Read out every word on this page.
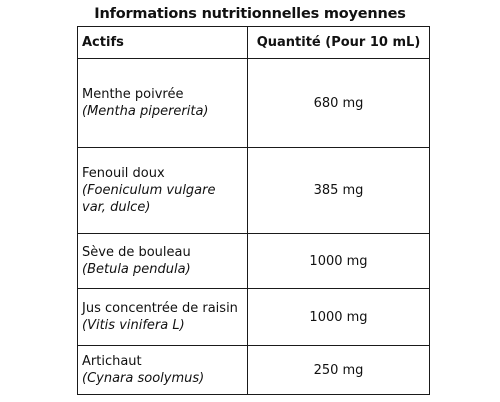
Informations nutritionnelles moyennes
Actifs	Quantité (Pour 10 mL)

Menthe poivrée
(Mentha pipererita)	680 mg

Fenouil doux
(Foeniculum vulgare var, dulce)	385 mg

Sève de bouleau
(Betula pendula)	1000 mg

Jus concentrée de raisin
(Vitis vinifera L)	1000 mg

Artichaut
(Cynara soolymus)	250 mg
